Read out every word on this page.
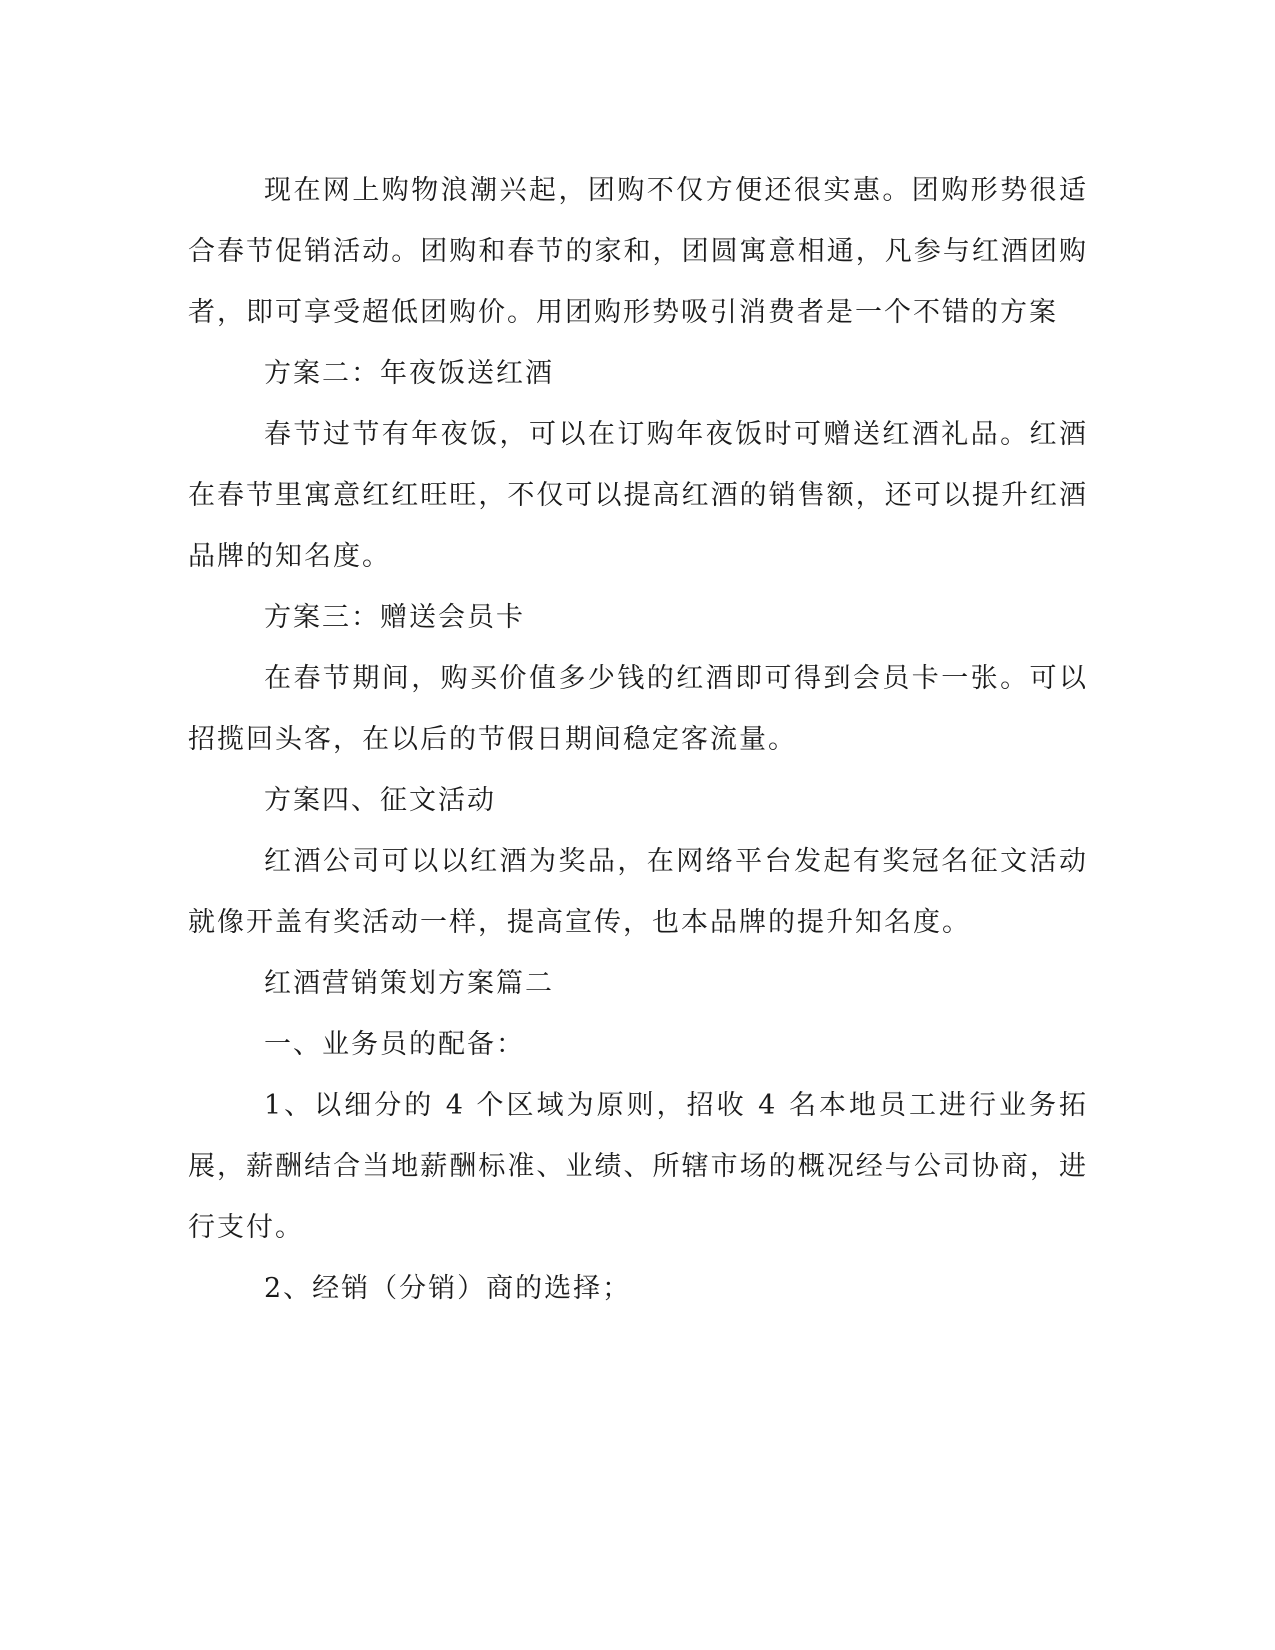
现在网上购物浪潮兴起，团购不仅方便还很实惠。团购形势很适合春节促销活动。团购和春节的家和，团圆寓意相通，凡参与红酒团购者，即可享受超低团购价。用团购形势吸引消费者是一个不错的方案

方案二：年夜饭送红酒

春节过节有年夜饭，可以在订购年夜饭时可赠送红酒礼品。红酒在春节里寓意红红旺旺，不仅可以提高红酒的销售额，还可以提升红酒品牌的知名度。

方案三：赠送会员卡

在春节期间，购买价值多少钱的红酒即可得到会员卡一张。可以招揽回头客，在以后的节假日期间稳定客流量。

方案四、征文活动

红酒公司可以以红酒为奖品，在网络平台发起有奖冠名征文活动就像开盖有奖活动一样，提高宣传，也本品牌的提升知名度。

红酒营销策划方案篇二

一、业务员的配备：

1、以细分的 4 个区域为原则，招收 4 名本地员工进行业务拓展，薪酬结合当地薪酬标准、业绩、所辖市场的概况经与公司协商，进行支付。

2、经销（分销）商的选择；
